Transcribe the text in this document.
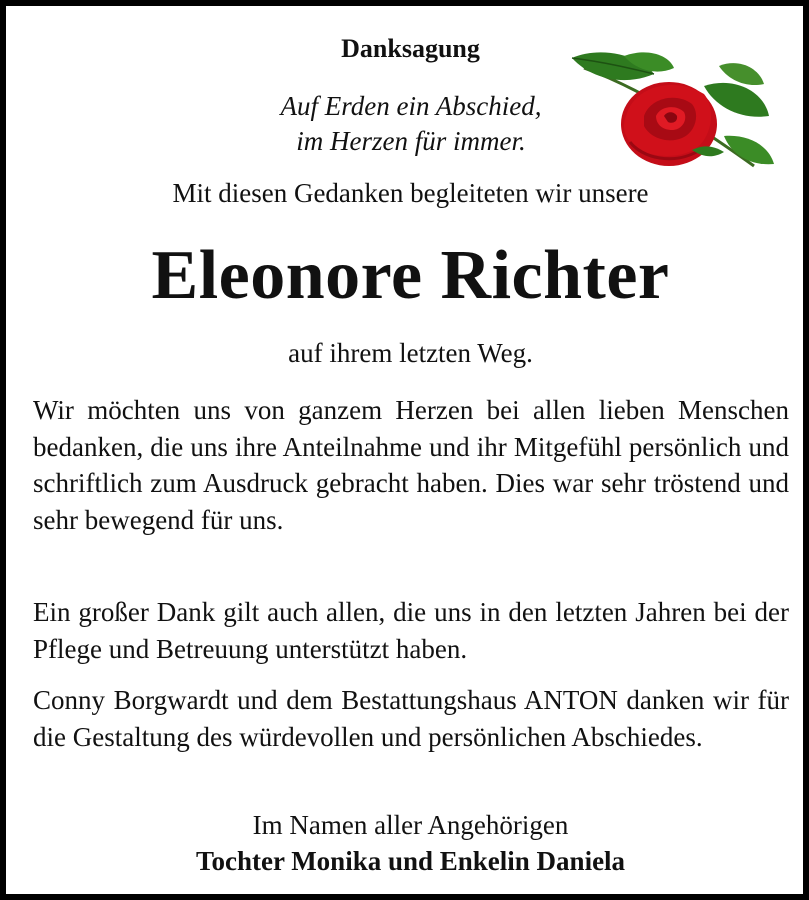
Danksagung
Auf Erden ein Abschied,
im Herzen für immer.
Mit diesen Gedanken begleiteten wir unsere
Eleonore Richter
auf ihrem letzten Weg.
Wir möchten uns von ganzem Herzen bei allen lieben Menschen bedanken, die uns ihre Anteilnahme und ihr Mitgefühl persönlich und schriftlich zum Ausdruck gebracht haben. Dies war sehr tröstend und sehr bewegend für uns.
Ein großer Dank gilt auch allen, die uns in den letzten Jahren bei der Pflege und Betreuung unterstützt haben.
Conny Borgwardt und dem Bestattungshaus ANTON danken wir für die Gestaltung des würdevollen und persönlichen Abschiedes.
Im Namen aller Angehörigen
Tochter Monika und Enkelin Daniela
